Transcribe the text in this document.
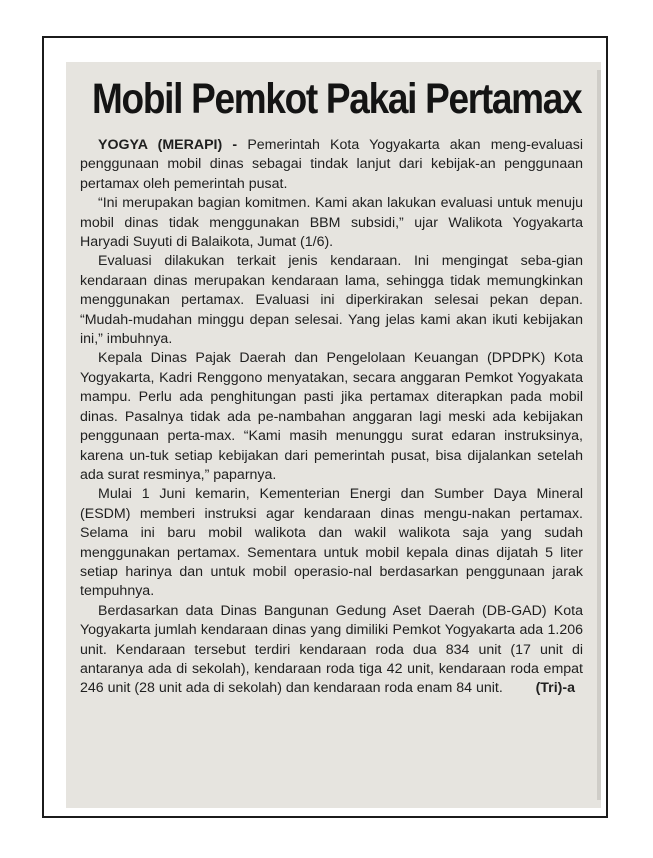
Mobil Pemkot Pakai Pertamax

YOGYA (MERAPI) - Pemerintah Kota Yogyakarta akan meng-evaluasi penggunaan mobil dinas sebagai tindak lanjut dari kebijak-an penggunaan pertamax oleh pemerintah pusat.

“Ini merupakan bagian komitmen. Kami akan lakukan evaluasi untuk menuju mobil dinas tidak menggunakan BBM subsidi,” ujar Walikota Yogyakarta Haryadi Suyuti di Balaikota, Jumat (1/6).

Evaluasi dilakukan terkait jenis kendaraan. Ini mengingat seba-gian kendaraan dinas merupakan kendaraan lama, sehingga tidak memungkinkan menggunakan pertamax. Evaluasi ini diperkirakan selesai pekan depan. “Mudah-mudahan minggu depan selesai. Yang jelas kami akan ikuti kebijakan ini,” imbuhnya.

Kepala Dinas Pajak Daerah dan Pengelolaan Keuangan (DPDPK) Kota Yogyakarta, Kadri Renggono menyatakan, secara anggaran Pemkot Yogyakata mampu. Perlu ada penghitungan pasti jika pertamax diterapkan pada mobil dinas. Pasalnya tidak ada pe-nambahan anggaran lagi meski ada kebijakan penggunaan perta-max. “Kami masih menunggu surat edaran instruksinya, karena un-tuk setiap kebijakan dari pemerintah pusat, bisa dijalankan setelah ada surat resminya,” paparnya.

Mulai 1 Juni kemarin, Kementerian Energi dan Sumber Daya Mineral (ESDM) memberi instruksi agar kendaraan dinas mengu-nakan pertamax. Selama ini baru mobil walikota dan wakil walikota saja yang sudah menggunakan pertamax. Sementara untuk mobil kepala dinas dijatah 5 liter setiap harinya dan untuk mobil operasio-nal berdasarkan penggunaan jarak tempuhnya.

Berdasarkan data Dinas Bangunan Gedung Aset Daerah (DB-GAD) Kota Yogyakarta jumlah kendaraan dinas yang dimiliki Pemkot Yogyakarta ada 1.206 unit. Kendaraan tersebut terdiri kendaraan roda dua 834 unit (17 unit di antaranya ada di sekolah), kendaraan roda tiga 42 unit, kendaraan roda empat 246 unit (28 unit ada di sekolah) dan kendaraan roda enam 84 unit.	(Tri)-a
